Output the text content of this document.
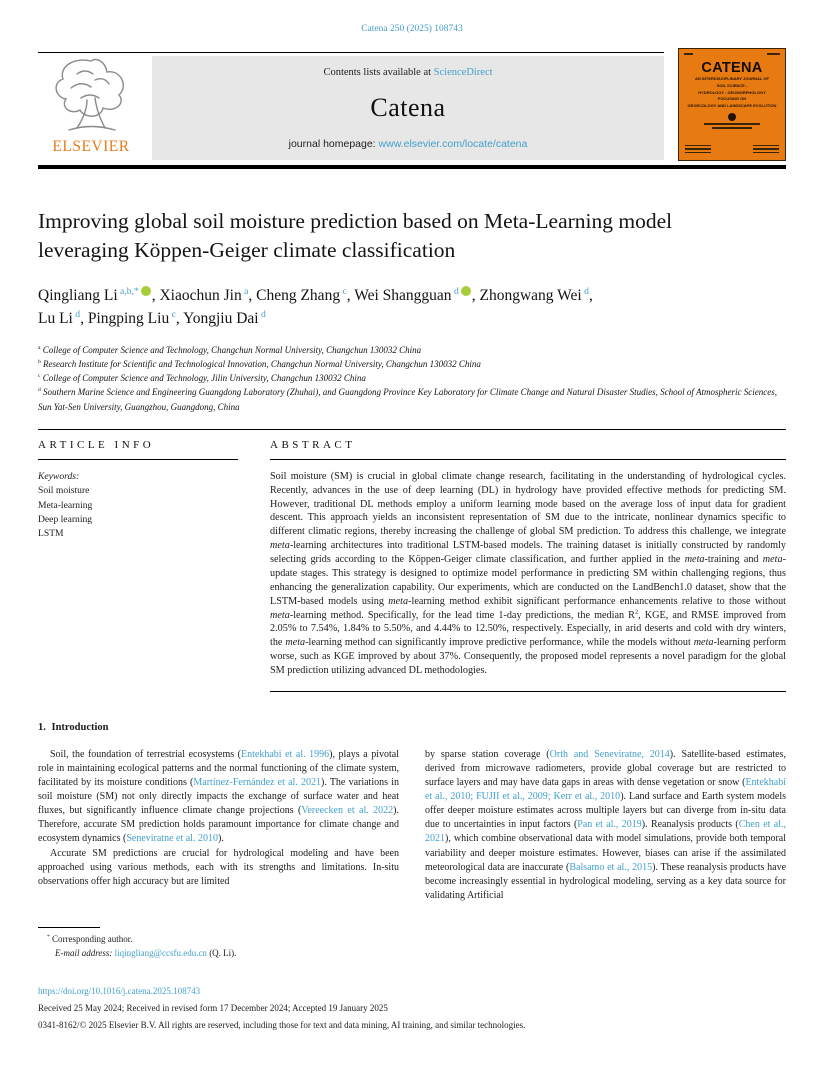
Catena 250 (2025) 108743
ELSEVIER
Contents lists available at ScienceDirect
Catena
journal homepage: www.elsevier.com/locate/catena
CATENA
AN INTERDISCIPLINARY JOURNAL OF
SOIL SCIENCE -
HYDROLOGY - GEOMORPHOLOGY
FOCUSING ON
GEOECOLOGY AND LANDSCAPE EVOLUTION
Improving global soil moisture prediction based on Meta-Learning model leveraging Köppen-Geiger climate classification
Qingliang Li $^{a,b,*}$ , Xiaochun Jin $^a$, Cheng Zhang $^c$, Wei Shangguan $^d$ , Zhongwang Wei $^d$,
Lu Li $^d$, Pingping Liu $^c$, Yongjiu Dai $^d$
$^a$ College of Computer Science and Technology, Changchun Normal University, Changchun 130032 China
$^b$ Research Institute for Scientific and Technological Innovation, Changchun Normal University, Changchun 130032 China
$^c$ College of Computer Science and Technology, Jilin University, Changchun 130032 China
$^d$ Southern Marine Science and Engineering Guangdong Laboratory (Zhuhai), and Guangdong Province Key Laboratory for Climate Change and Natural Disaster Studies, School of Atmospheric Sciences, Sun Yat-Sen University, Guangzhou, Guangdong, China
ARTICLE INFO
Keywords:
Soil moisture
Meta-learning
Deep learning
LSTM
ABSTRACT
Soil moisture (SM) is crucial in global climate change research, facilitating in the understanding of hydrological cycles. Recently, advances in the use of deep learning (DL) in hydrology have provided effective methods for predicting SM. However, traditional DL methods employ a uniform learning mode based on the average loss of input data for gradient descent. This approach yields an inconsistent representation of SM due to the intricate, nonlinear dynamics specific to different climatic regions, thereby increasing the challenge of global SM prediction. To address this challenge, we integrate meta-learning architectures into traditional LSTM-based models. The training dataset is initially constructed by randomly selecting grids according to the Köppen-Geiger climate classification, and further applied in the meta-training and meta-update stages. This strategy is designed to optimize model performance in predicting SM within challenging regions, thus enhancing the generalization capability. Our experiments, which are conducted on the LandBench1.0 dataset, show that the LSTM-based models using meta-learning method exhibit significant performance enhancements relative to those without meta-learning method. Specifically, for the lead time 1-day predictions, the median $R^2$, KGE, and RMSE improved from 2.05% to 7.54%, 1.84% to 5.50%, and 4.44% to 12.50%, respectively. Especially, in arid deserts and cold with dry winters, the meta-learning method can significantly improve predictive performance, while the models without meta-learning perform worse, such as KGE improved by about 37%. Consequently, the proposed model represents a novel paradigm for the global SM prediction utilizing advanced DL methodologies.
1. Introduction

Soil, the foundation of terrestrial ecosystems (Entekhabi et al. 1996), plays a pivotal role in maintaining ecological patterns and the normal functioning of the climate system, facilitated by its moisture conditions (Martínez-Fernández et al. 2021). The variations in soil moisture (SM) not only directly impacts the exchange of surface water and heat fluxes, but significantly influence climate change projections (Vereecken et al. 2022). Therefore, accurate SM prediction holds paramount importance for climate change and ecosystem dynamics (Seneviratne et al. 2010).

Accurate SM predictions are crucial for hydrological modeling and have been approached using various methods, each with its strengths and limitations. In-situ observations offer high accuracy but are limited

by sparse station coverage (Orth and Seneviratne, 2014). Satellite-based estimates, derived from microwave radiometers, provide global coverage but are restricted to surface layers and may have data gaps in areas with dense vegetation or snow (Entekhabi et al., 2010; FUJII et al., 2009; Kerr et al., 2010). Land surface and Earth system models offer deeper moisture estimates across multiple layers but can diverge from in-situ data due to uncertainties in input factors (Pan et al., 2019). Reanalysis products (Chen et al., 2021), which combine observational data with model simulations, provide both temporal variability and deeper moisture estimates. However, biases can arise if the assimilated meteorological data are inaccurate (Balsamo et al., 2015). These reanalysis products have become increasingly essential in hydrological modeling, serving as a key data source for validating Artificial

* Corresponding author.
E-mail address: liqingliang@ccsfu.edu.cn (Q. Li).
https://doi.org/10.1016/j.catena.2025.108743
Received 25 May 2024; Received in revised form 17 December 2024; Accepted 19 January 2025
0341-8162/© 2025 Elsevier B.V. All rights are reserved, including those for text and data mining, AI training, and similar technologies.
